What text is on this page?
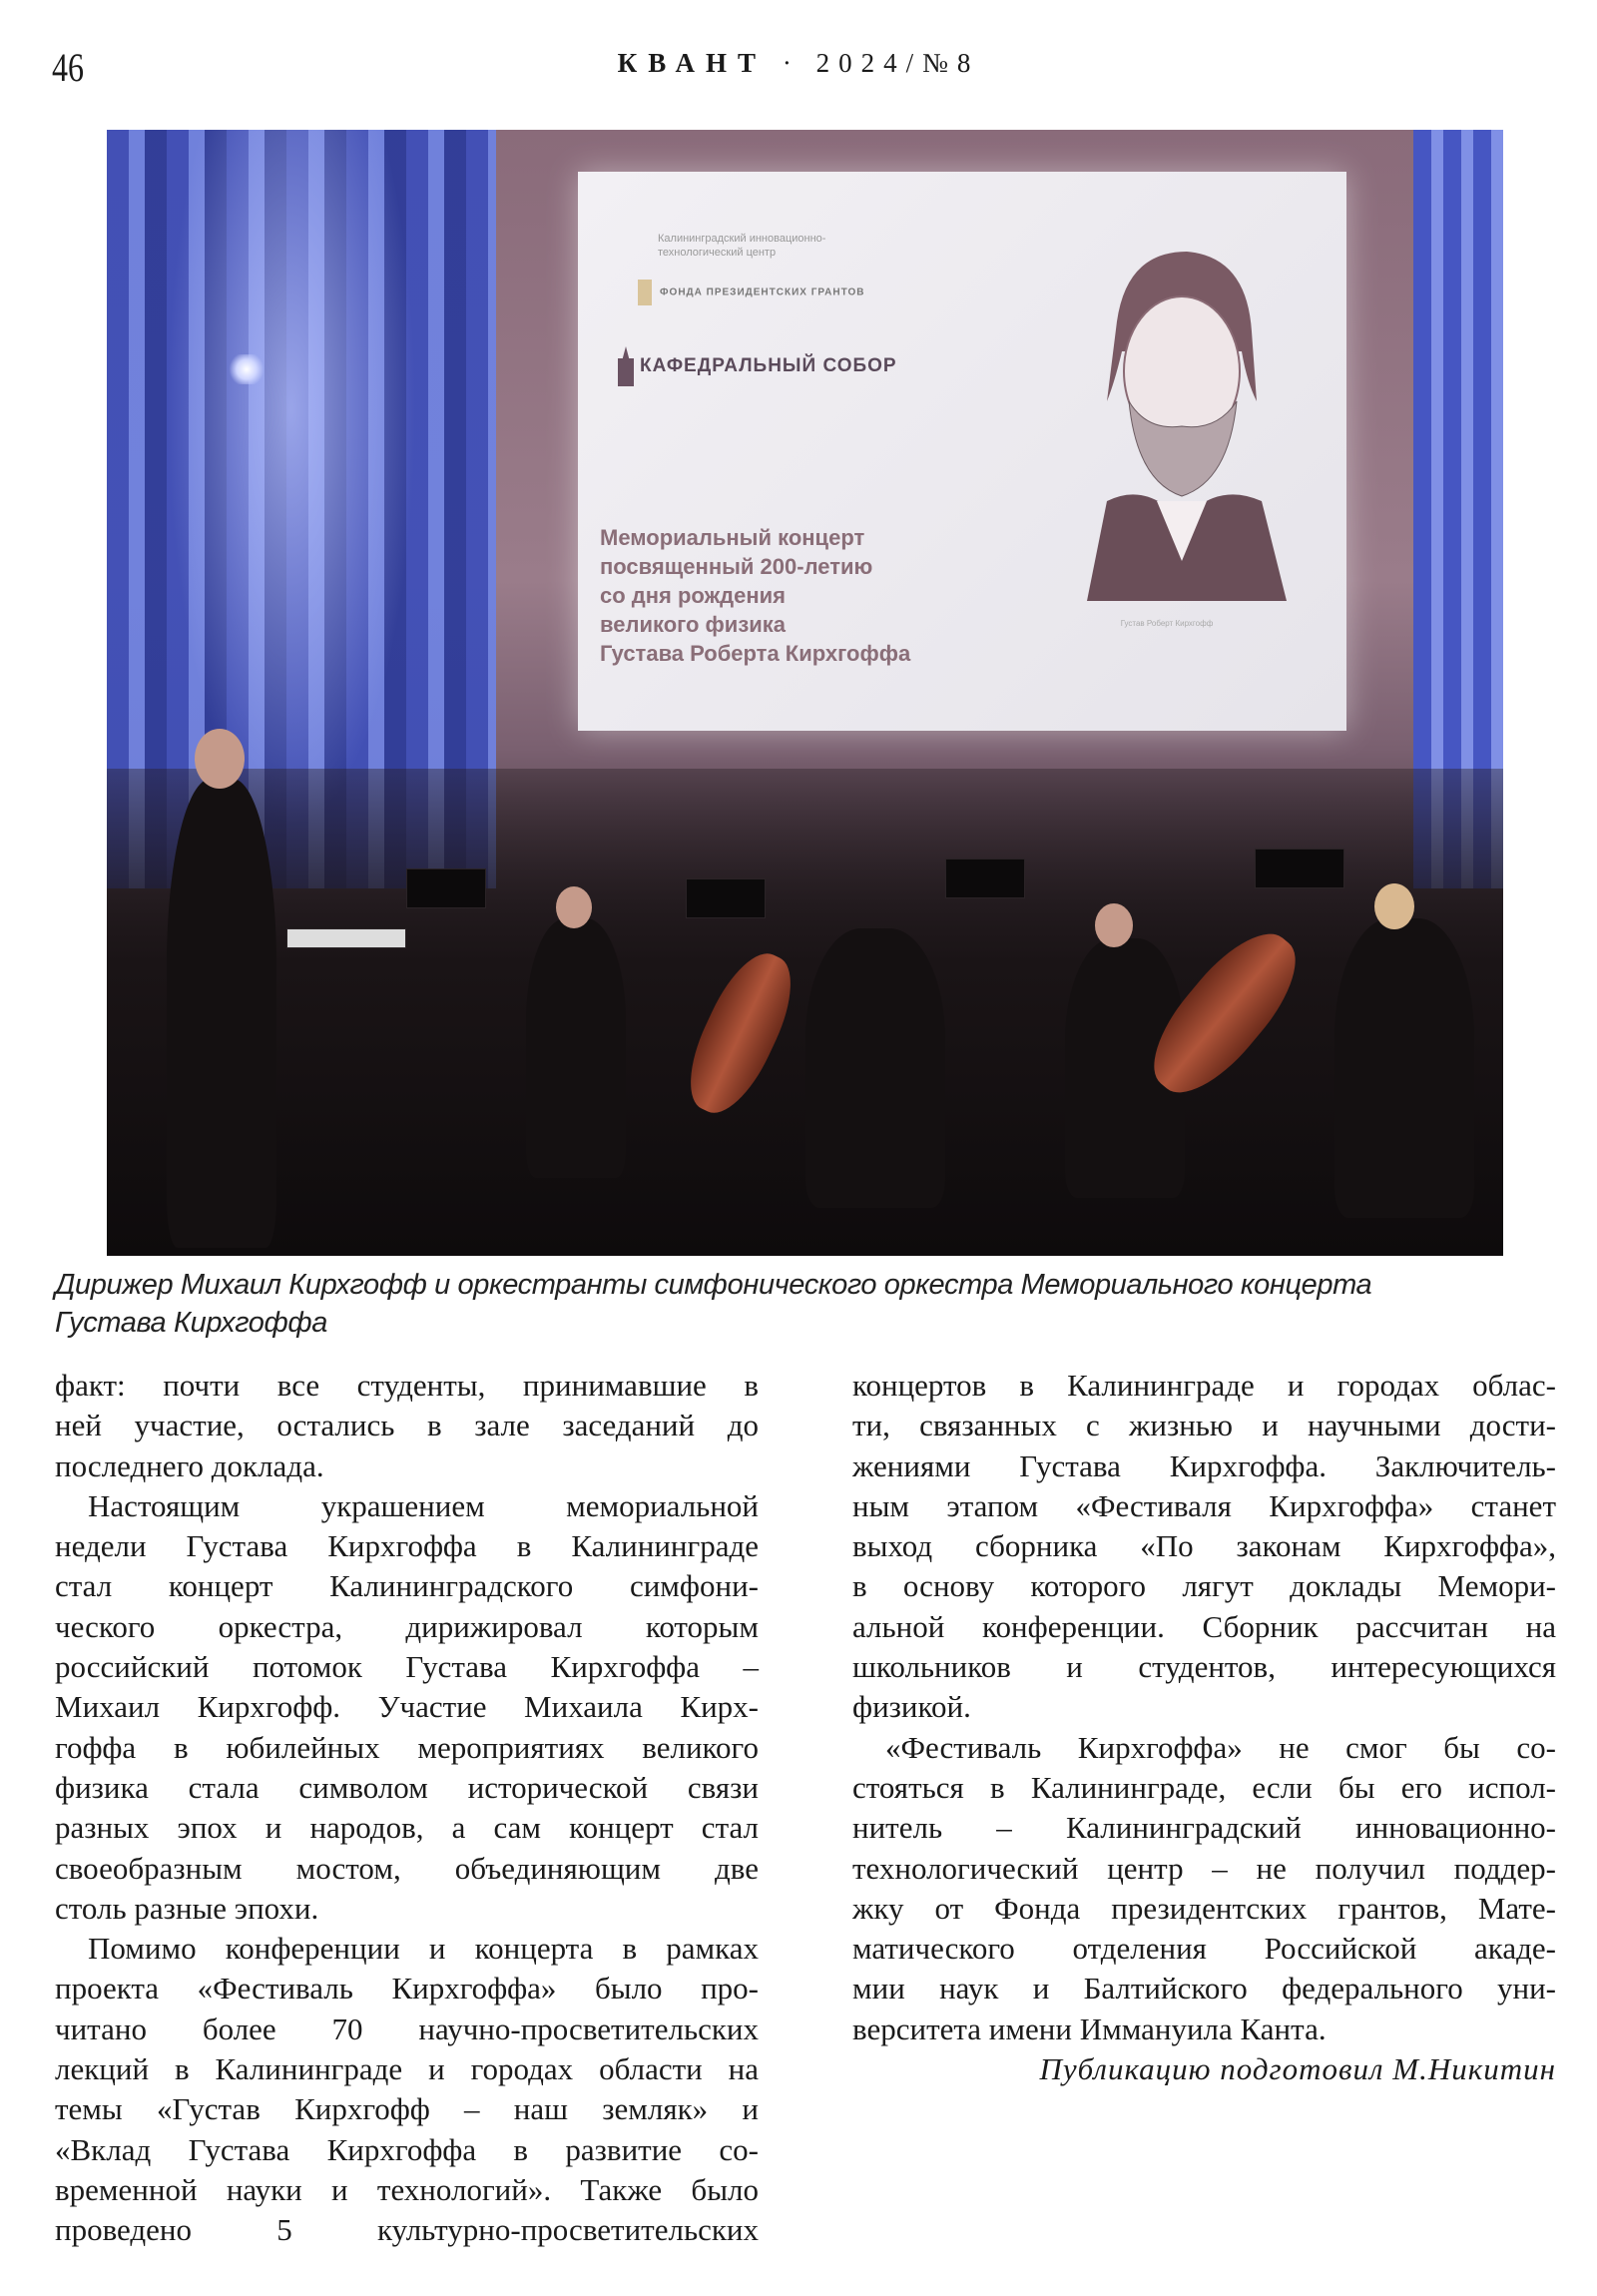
46	КВАНТ · 2024/№8
Калининградский инновационно-технологический центр
ФОНДА ПРЕЗИДЕНТСКИХ ГРАНТОВ
КАФЕДРАЛЬНЫЙ СОБОР
Мемориальный концерт
посвященный 200-летию
со дня рождения
великого физика
Густава Роберта Кирхгоффа
Густав Роберт Кирхгофф
Дирижер Михаил Кирхгофф и оркестранты симфонического оркестра Мемориального концерта
Густава Кирхгоффа
факт: почти все студенты, принимавшие в
ней участие, остались в зале заседаний до
последнего доклада.
Настоящим украшением мемориальной
недели Густава Кирхгоффа в Калининграде
стал концерт Калининградского симфони-
ческого оркестра, дирижировал которым
российский потомок Густава Кирхгоффа –
Михаил Кирхгофф. Участие Михаила Кирх-
гоффа в юбилейных мероприятиях великого
физика стала символом исторической связи
разных эпох и народов, а сам концерт стал
своеобразным мостом, объединяющим две
столь разные эпохи.
Помимо конференции и концерта в рамках
проекта «Фестиваль Кирхгоффа» было про-
читано более 70 научно-просветительских
лекций в Калининграде и городах области на
темы «Густав Кирхгофф – наш земляк» и
«Вклад Густава Кирхгоффа в развитие со-
временной науки и технологий». Также было
проведено 5 культурно-просветительских
концертов в Калининграде и городах облас-
ти, связанных с жизнью и научными дости-
жениями Густава Кирхгоффа. Заключитель-
ным этапом «Фестиваля Кирхгоффа» станет
выход сборника «По законам Кирхгоффа»,
в основу которого лягут доклады Мемори-
альной конференции. Сборник рассчитан на
школьников и студентов, интересующихся
физикой.
«Фестиваль Кирхгоффа» не смог бы со-
стояться в Калининграде, если бы его испол-
нитель – Калининградский инновационно-
технологический центр – не получил поддер-
жку от Фонда президентских грантов, Мате-
матического отделения Российской акаде-
мии наук и Балтийского федерального уни-
верситета имени Иммануила Канта.
Публикацию подготовил М.Никитин
